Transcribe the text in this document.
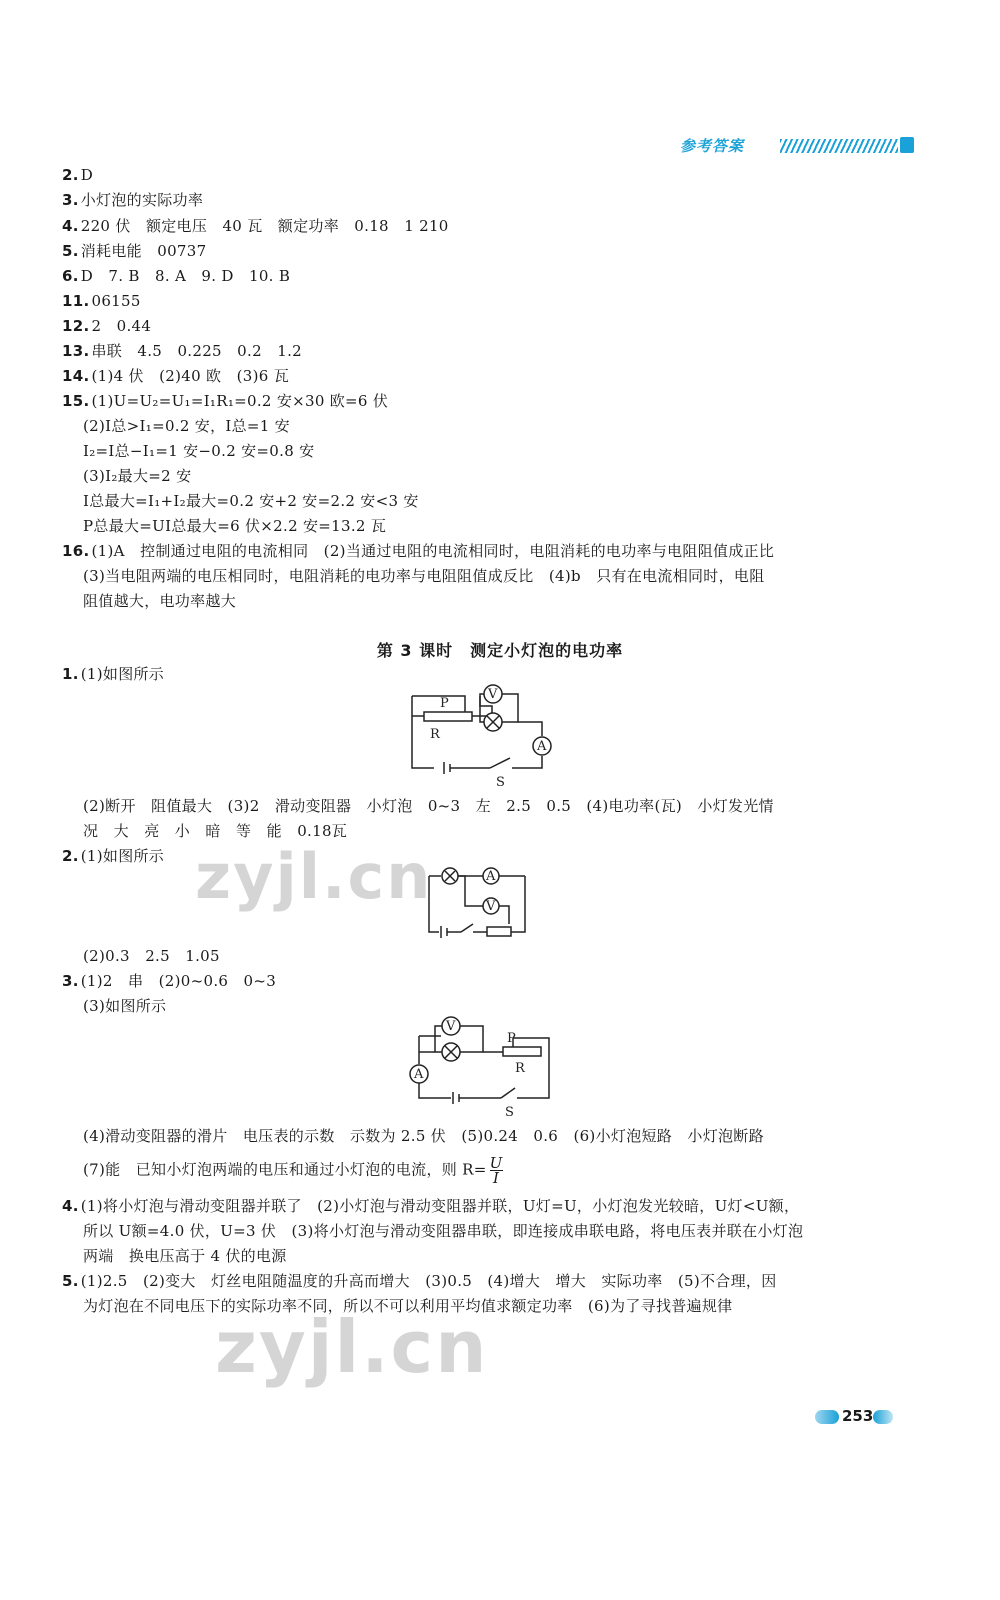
参考答案
2. D
3. 小灯泡的实际功率
4. 220 伏　额定电压　40 瓦　额定功率　0.18　1 210
5. 消耗电能　00737
6. D　7. B　8. A　9. D　10. B
11. 06155
12. 2　0.44
13. 串联　4.5　0.225　0.2　1.2
14. (1)4 伏　(2)40 欧　(3)6 瓦
15. (1)U=U₂=U₁=I₁R₁=0.2 安×30 欧=6 伏
(2)I总>I₁=0.2 安，I总=1 安
I₂=I总−I₁=1 安−0.2 安=0.8 安
(3)I₂最大=2 安
I总最大=I₁+I₂最大=0.2 安+2 安=2.2 安<3 安
P总最大=UI总最大=6 伏×2.2 安=13.2 瓦
16. (1)A　控制通过电阻的电流相同　(2)当通过电阻的电流相同时，电阻消耗的电功率与电阻阻值成正比
(3)当电阻两端的电压相同时，电阻消耗的电功率与电阻阻值成反比　(4)b　只有在电流相同时，电阻
阻值越大，电功率越大
第 3 课时　测定小灯泡的电功率
1. (1)如图所示
(2)断开　阻值最大　(3)2　滑动变阻器　小灯泡　0~3　左　2.5　0.5　(4)电功率(瓦)　小灯发光情
况　大　亮　小　暗　等　能　0.18瓦
2. (1)如图所示
(2)0.3　2.5　1.05
3. (1)2　串　(2)0~0.6　0~3
(3)如图所示
(4)滑动变阻器的滑片　电压表的示数　示数为 2.5 伏　(5)0.24　0.6　(6)小灯泡短路　小灯泡断路
(7)能　已知小灯泡两端的电压和通过小灯泡的电流，则 $R= \frac{U}{I}$
4. (1)将小灯泡与滑动变阻器并联了　(2)小灯泡与滑动变阻器并联，U灯=U，小灯泡发光较暗，U灯<U额，
所以 U额=4.0 伏，U=3 伏　(3)将小灯泡与滑动变阻器串联，即连接成串联电路，将电压表并联在小灯泡
两端　换电压高于 4 伏的电源
5. (1)2.5　(2)变大　灯丝电阻随温度的升高而增大　(3)0.5　(4)增大　增大　实际功率　(5)不合理，因
为灯泡在不同电压下的实际功率不同，所以不可以利用平均值求额定功率　(6)为了寻找普遍规律
P
R
V
A
S
A
V
V
A
P
R
S
zyjl.cn
zyjl.cn
253
